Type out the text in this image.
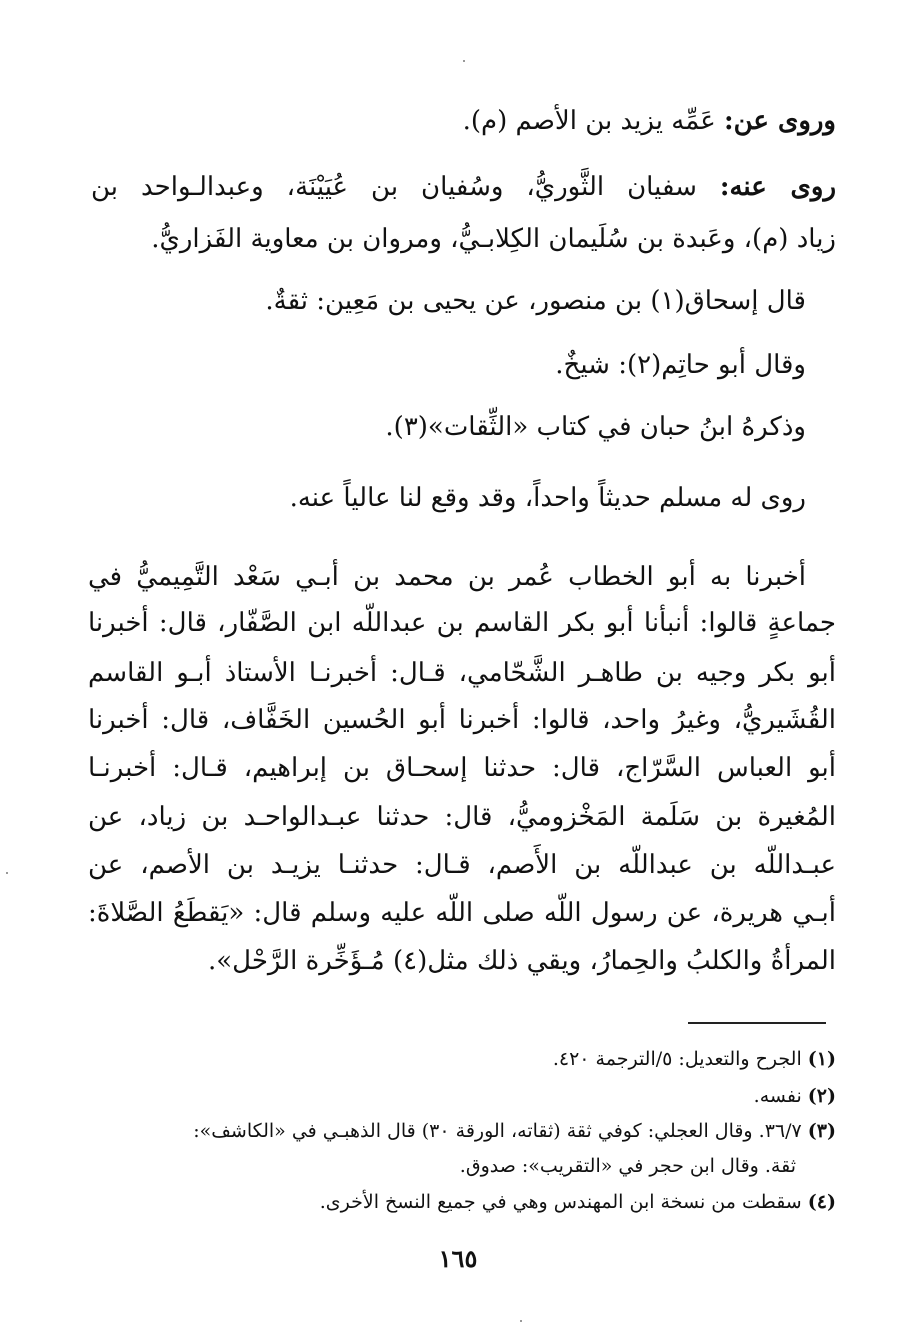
وروى عن: عَمِّه يزيد بن الأصم (م).
روى عنه: سفيان الثَّوريُّ، وسُفيان بن عُيَيْنَة، وعبدالـواحد بن
زياد (م)، وعَبدة بن سُلَيمان الكِلابـيُّ، ومروان بن معاوية الفَزاريُّ.
قال إسحاق(١) بن منصور، عن يحيى بن مَعِين: ثقةٌ.
وقال أبو حاتِم(٢): شيخٌ.
وذكرهُ ابنُ حبان في كتاب «الثِّقات»(٣).
روى له مسلم حديثاً واحداً، وقد وقع لنا عالياً عنه.
أخبرنا به أبو الخطاب عُمر بن محمد بن أبـي سَعْد التَّمِيميُّ في
جماعةٍ قالوا: أنبأنا أبو بكر القاسم بن عبداللّه ابن الصَّفّار، قال: أخبرنا
أبو بكر وجيه بن طاهـر الشَّحّامي، قـال: أخبرنـا الأستاذ أبـو القاسم
القُشَيريُّ، وغيرُ واحد، قالوا: أخبرنا أبو الحُسين الخَفَّاف، قال: أخبرنا
أبو العباس السَّرّاج، قال: حدثنا إسحـاق بن إبراهيم، قـال: أخبرنـا
المُغيرة بن سَلَمة المَخْزوميُّ، قال: حدثنا عبـدالواحـد بن زياد، عن
عبـداللّه بن عبداللّه بن الأَصم، قـال: حدثنـا يزيـد بن الأصم، عن
أبـي هريرة، عن رسول اللّه صلى اللّه عليه وسلم قال: «يَقطَعُ الصَّلاةَ:
المرأةُ والكلبُ والحِمارُ، ويقي ذلك مثل(٤) مُـؤَخِّرة الرَّحْل».
(١) الجرح والتعديل: ٥/الترجمة ٤٢٠.
(٢) نفسه.
(٣) ٣٦/٧. وقال العجلي: كوفي ثقة (ثقاته، الورقة ٣٠) قال الذهبـي في «الكاشف»:
ثقة. وقال ابن حجر في «التقريب»: صدوق.
(٤) سقطت من نسخة ابن المهندس وهي في جميع النسخ الأخرى.
١٦٥
